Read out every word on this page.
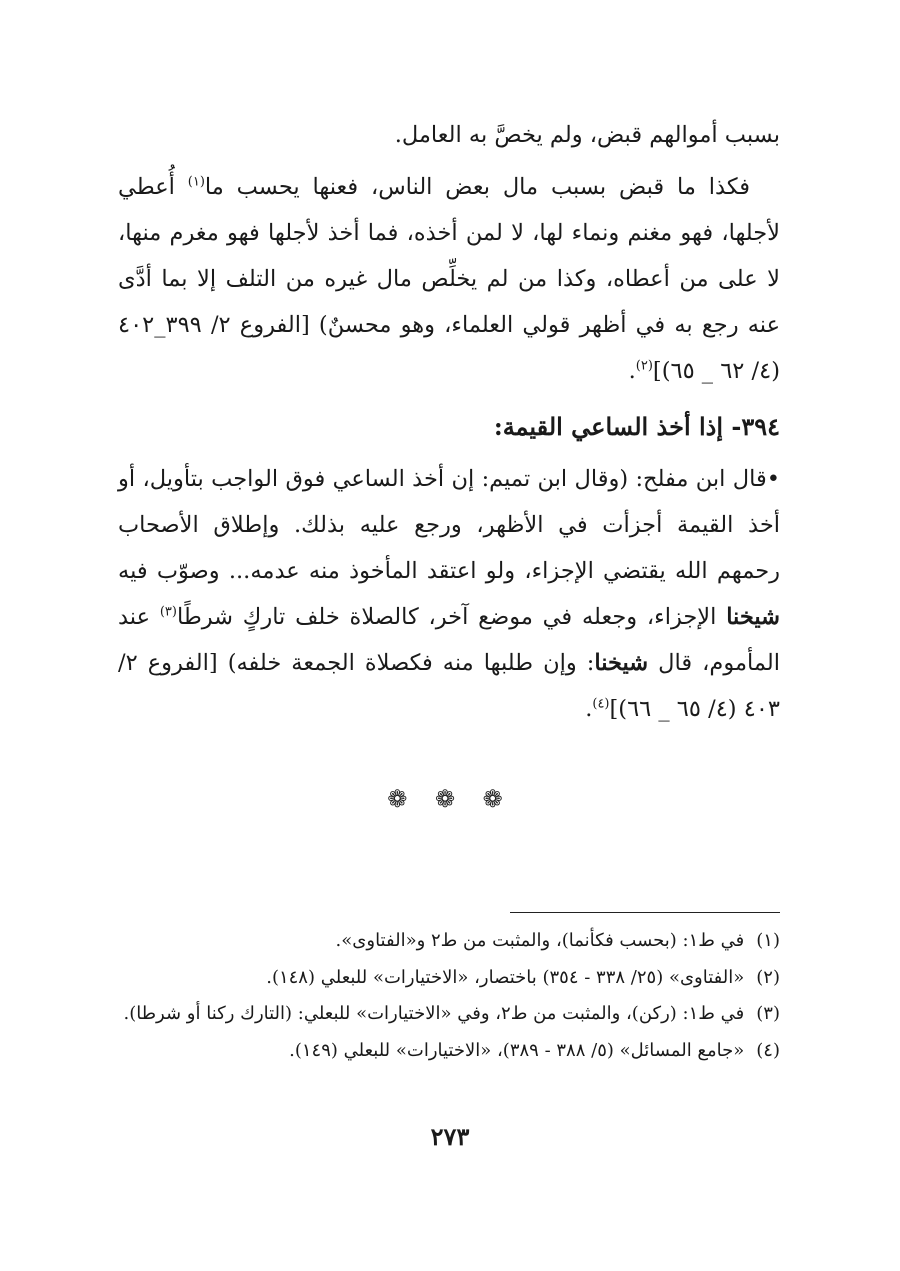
بسبب أموالهم قبض، ولم يخصَّ به العامل.

فكذا ما قبض بسبب مال بعض الناس، فعنها يحسب ما$^{(١)}$ أُعطي لأجلها، فهو مغنم ونماء لها، لا لمن أخذه، فما أخذ لأجلها فهو مغرم منها، لا على من أعطاه، وكذا من لم يخلِّص مال غيره من التلف إلا بما أدَّى عنه رجع به في أظهر قولي العلماء، وهو محسنٌ) [الفروع ٢/ ٣٩٩_٤٠٢ (٤/ ٦٢ _ ٦٥)]$^{(٢)}$.

٣٩٤- إذا أخذ الساعي القيمة:

•قال ابن مفلح: (وقال ابن تميم: إن أخذ الساعي فوق الواجب بتأويل، أو أخذ القيمة أجزأت في الأظهر، ورجع عليه بذلك. وإطلاق الأصحاب رحمهم الله يقتضي الإجزاء، ولو اعتقد المأخوذ منه عدمه... وصوّب فيه شيخنا الإجزاء، وجعله في موضع آخر، كالصلاة خلف تاركٍ شرطًا$^{(٣)}$ عند المأموم، قال شيخنا: وإن طلبها منه فكصلاة الجمعة خلفه) [الفروع ٢/ ٤٠٣ (٤/ ٦٥ _ ٦٦)]$^{(٤)}$.

❁ ❁ ❁
(١)
في ط١: (بحسب فكأنما)، والمثبت من ط٢ و«الفتاوى».
(٢)
«الفتاوى» (٢٥/ ٣٣٨ - ٣٥٤) باختصار، «الاختيارات» للبعلي (١٤٨).
(٣)
في ط١: (ركن)، والمثبت من ط٢، وفي «الاختيارات» للبعلي: (التارك ركنا أو شرطا).
(٤)
«جامع المسائل» (٥/ ٣٨٨ - ٣٨٩)، «الاختيارات» للبعلي (١٤٩).
٢٧٣
